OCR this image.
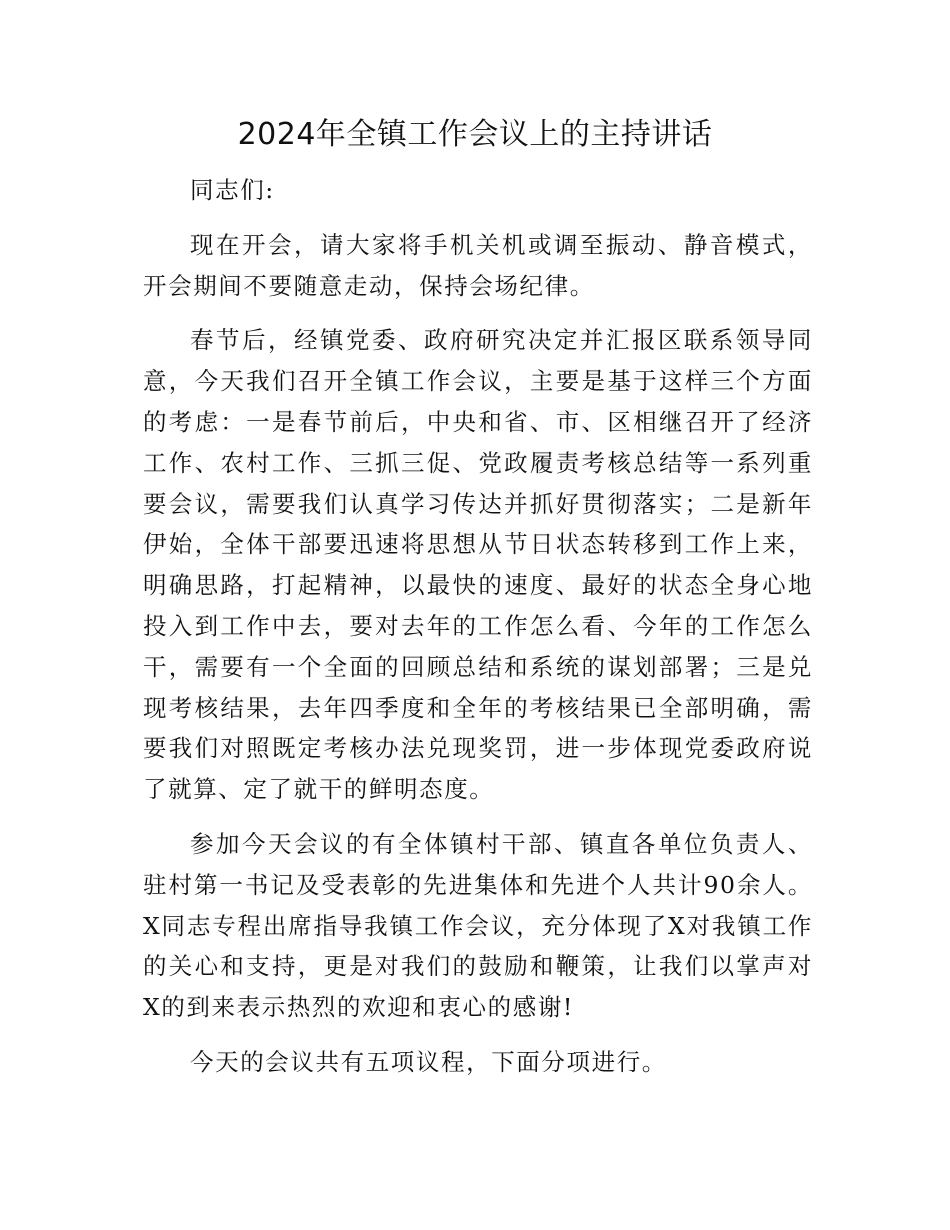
2024年全镇工作会议上的主持讲话

同志们:

现在开会，请大家将手机关机或调至振动、静音模式，开会期间不要随意走动，保持会场纪律。

春节后，经镇党委、政府研究决定并汇报区联系领导同意，今天我们召开全镇工作会议，主要是基于这样三个方面的考虑：一是春节前后，中央和省、市、区相继召开了经济工作、农村工作、三抓三促、党政履责考核总结等一系列重要会议，需要我们认真学习传达并抓好贯彻落实；二是新年伊始，全体干部要迅速将思想从节日状态转移到工作上来，明确思路，打起精神，以最快的速度、最好的状态全身心地投入到工作中去，要对去年的工作怎么看、今年的工作怎么干，需要有一个全面的回顾总结和系统的谋划部署；三是兑现考核结果，去年四季度和全年的考核结果已全部明确，需要我们对照既定考核办法兑现奖罚，进一步体现党委政府说了就算、定了就干的鲜明态度。

参加今天会议的有全体镇村干部、镇直各单位负责人、驻村第一书记及受表彰的先进集体和先进个人共计90余人。X同志专程出席指导我镇工作会议，充分体现了X对我镇工作的关心和支持，更是对我们的鼓励和鞭策，让我们以掌声对X的到来表示热烈的欢迎和衷心的感谢!

今天的会议共有五项议程，下面分项进行。
